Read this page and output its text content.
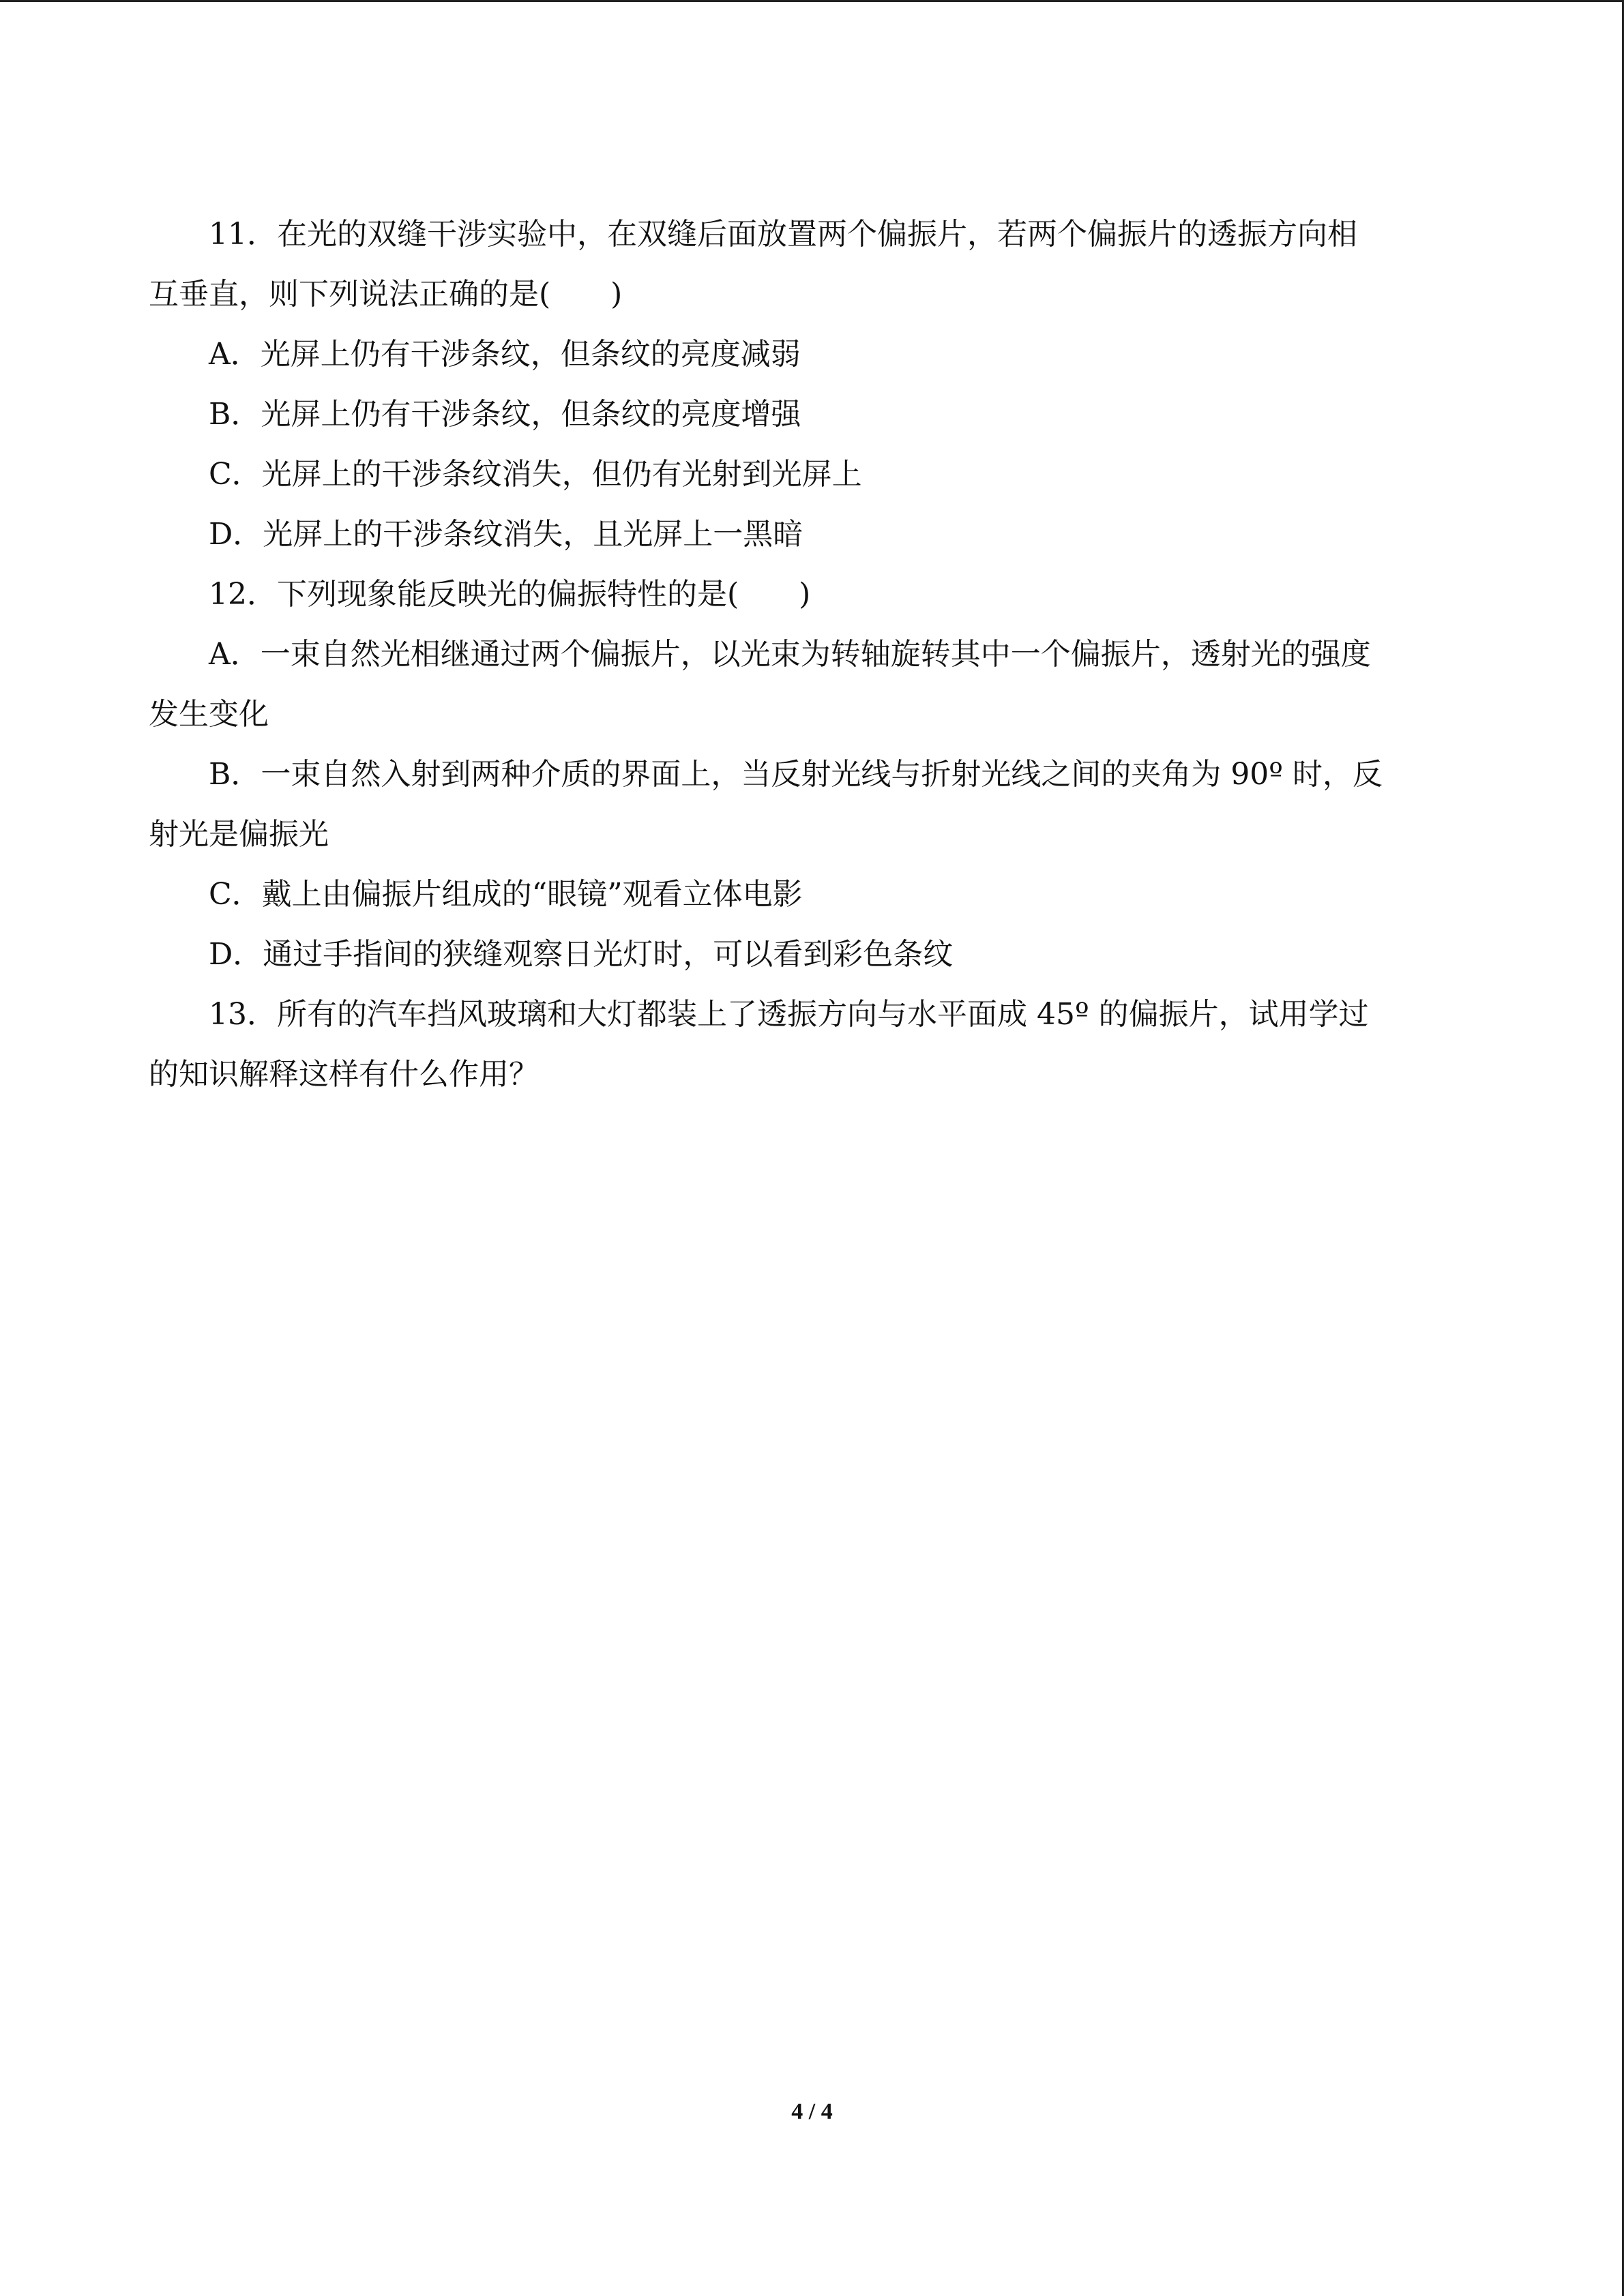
11．在光的双缝干涉实验中，在双缝后面放置两个偏振片，若两个偏振片的透振方向相

互垂直，则下列说法正确的是(　　)

A．光屏上仍有干涉条纹，但条纹的亮度减弱

B．光屏上仍有干涉条纹，但条纹的亮度增强

C．光屏上的干涉条纹消失，但仍有光射到光屏上

D．光屏上的干涉条纹消失，且光屏上一黑暗

12．下列现象能反映光的偏振特性的是(　　)

A．一束自然光相继通过两个偏振片，以光束为转轴旋转其中一个偏振片，透射光的强度

发生变化

B．一束自然入射到两种介质的界面上，当反射光线与折射光线之间的夹角为 90º 时，反

射光是偏振光

C．戴上由偏振片组成的“眼镜”观看立体电影

D．通过手指间的狭缝观察日光灯时，可以看到彩色条纹

13．所有的汽车挡风玻璃和大灯都装上了透振方向与水平面成 45º 的偏振片，试用学过

的知识解释这样有什么作用？

4 / 4
